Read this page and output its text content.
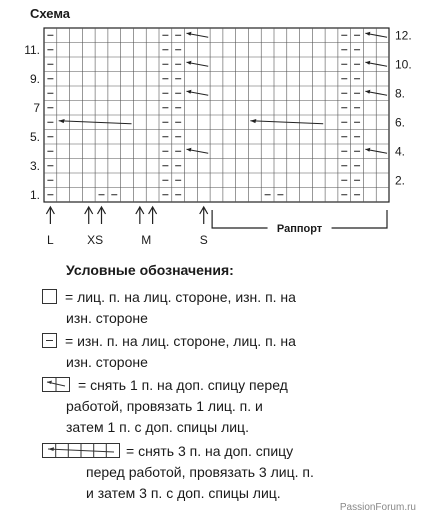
Схема
1.
3.
5.
7
9.
11.
2.
4.
6.
8.
10.
12.
L	XS	M	S
Раппорт
Условные обозначения:
= лиц. п. на лиц. стороне, изн. п. на
изн. стороне
= изн. п. на лиц. стороне, лиц. п. на
изн. стороне
= снять 1 п. на доп. спицу перед
работой, провязать 1 лиц. п. и
затем 1 п. с доп. спицы лиц.
= снять 3 п. на доп. спицу
перед работой, провязать 3 лиц. п.
и затем 3 п. с доп. спицы лиц.
PassionForum.ru
